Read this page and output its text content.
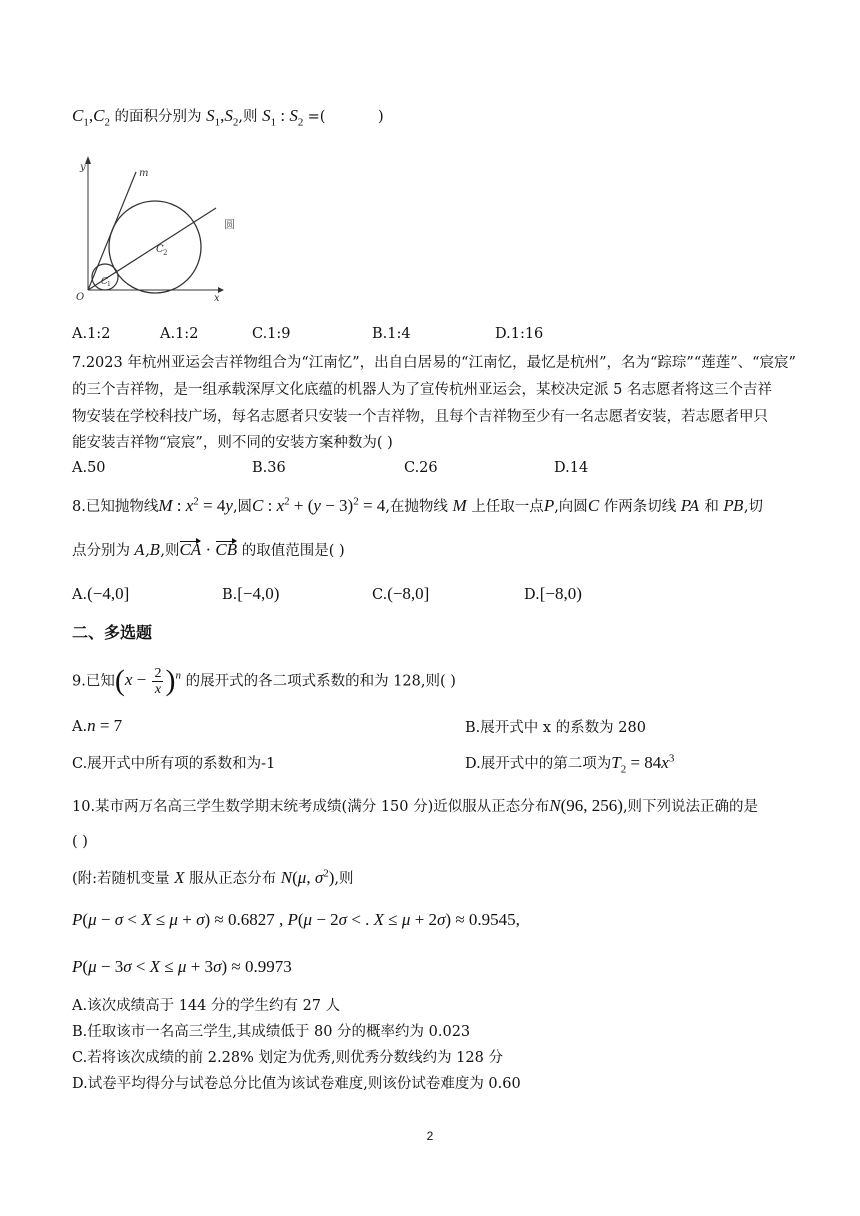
$C_1,C_2$ 的面积分别为 $S_1,S_2$,则 $S_1$ : $S_2$ =(	)
y
m
C 2
C 1
O	x
圆
A.1:2	A.1:2	C.1:9	B.1:4	D.1:16
7.2023 年杭州亚运会吉祥物组合为“江南忆”，出自白居易的“江南忆，最忆是杭州”，名为“踪琮”“莲莲”、“宸宸”
的三个吉祥物，是一组承载深厚文化底蕴的机器人为了宣传杭州亚运会，某校决定派 5 名志愿者将这三个吉祥
物安装在学校科技广场，每名志愿者只安装一个吉祥物，且每个吉祥物至少有一名志愿者安装，若志愿者甲只
能安装吉祥物“宸宸”，则不同的安装方案种数为( )
A.50	B.36	C.26	D.14
8.已知抛物线M : $x^2 = 4y$,圆C : $x^2 + (y - 3)^2 = 4$,在抛物线 M 上任取一点P,向圆C 作两条切线 PA 和 PB,切
点分别为 A,B,则CA · CB 的取值范围是( )
A.(−4,0]	B.[−4,0)	C.(−8,0]	D.[−8,0)
二、多选题
9.已知$(x - \frac{2}{x} )^n$ 的展开式的各二项式系数的和为 128,则( )
A.n = 7	B.展开式中 x 的系数为 280
C.展开式中所有项的系数和为-1	D.展开式中的第二项为$T_2 = 84x^3$
10.某市两万名高三学生数学期末统考成绩(满分 150 分)近似服从正态分布N(96, 256),则下列说法正确的是
( )
(附:若随机变量 X 服从正态分布 N(μ, $\sigma^2$),则
P(μ − σ < X ≤ μ + σ) ≈ 0.6827 , P(μ − 2σ < . X ≤ μ + 2σ) ≈ 0.9545,
P(μ − 3σ < X ≤ μ + 3σ) ≈ 0.9973
A.该次成绩高于 144 分的学生约有 27 人
B.任取该市一名高三学生,其成绩低于 80 分的概率约为 0.023
C.若将该次成绩的前 2.28% 划定为优秀,则优秀分数线约为 128 分
D.试卷平均得分与试卷总分比值为该试卷难度,则该份试卷难度为 0.60
2
